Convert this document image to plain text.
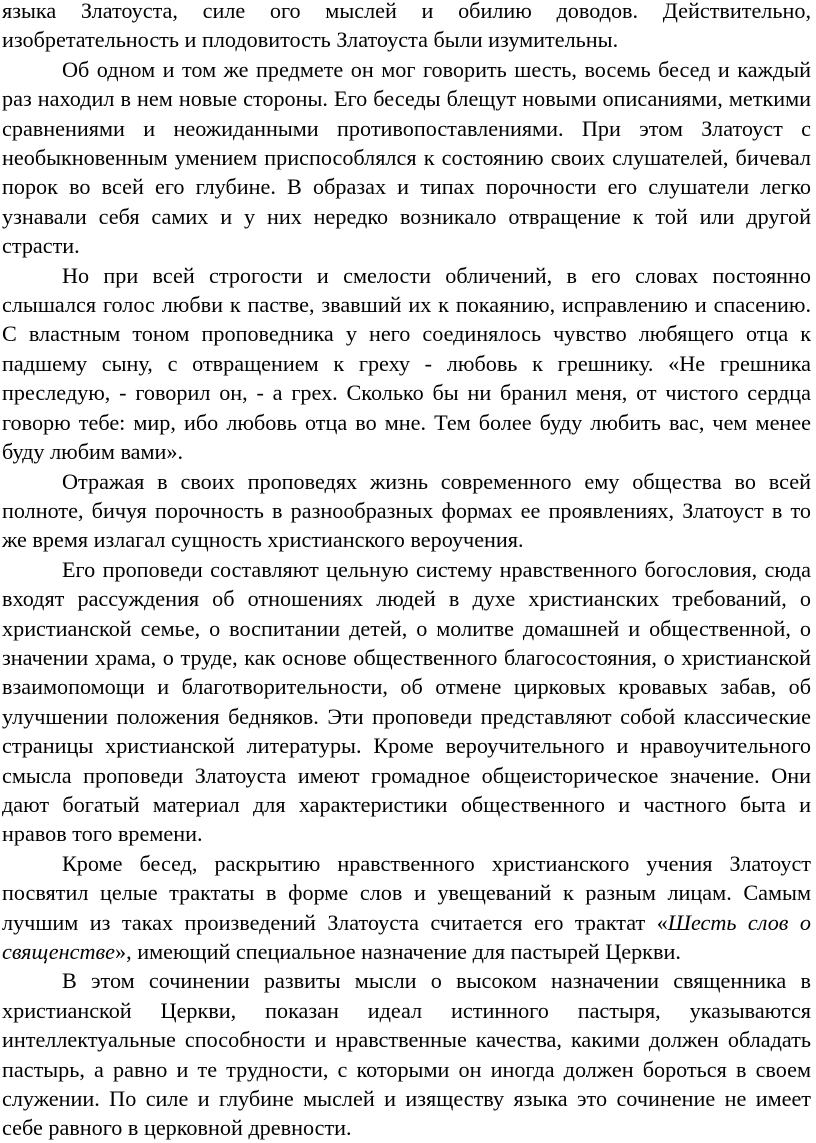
языка Златоуста, силе ого мыслей и обилию доводов. Действительно, изобретательность и плодовитость Златоуста были изумительны.

Об одном и том же предмете он мог говорить шесть, восемь бесед и каждый раз находил в нем новые стороны. Его беседы блещут новыми описаниями, меткими сравнениями и неожиданными противопоставлениями. При этом Златоуст с необыкновенным умением приспособлялся к состоянию своих слушателей, бичевал порок во всей его глубине. В образах и типах порочности его слушатели легко узнавали себя самих и у них нередко возникало отвращение к той или другой страсти.

Но при всей строгости и смелости обличений, в его словах постоянно слышался голос любви к пастве, звавший их к покаянию, исправлению и спасению. С властным тоном проповедника у него соединялось чувство любящего отца к падшему сыну, с отвращением к греху - любовь к грешнику. «Не грешника преследую, - говорил он, - а грех. Сколько бы ни бранил меня, от чистого сердца говорю тебе: мир, ибо любовь отца во мне. Тем более буду любить вас, чем менее буду любим вами».

Отражая в своих проповедях жизнь современного ему общества во всей полноте, бичуя порочность в разнообразных формах ее проявлениях, Златоуст в то же время излагал сущность христианского вероучения.

Его проповеди составляют цельную систему нравственного богословия, сюда входят рассуждения об отношениях людей в духе христианских требований, о христианской семье, о воспитании детей, о молитве домашней и общественной, о значении храма, о труде, как основе общественного благосостояния, о христианской взаимопомощи и благотворительности, об отмене цирковых кровавых забав, об улучшении положения бедняков. Эти проповеди представляют собой классические страницы христианской литературы. Кроме вероучительного и нравоучительного смысла проповеди Златоуста имеют громадное общеисторическое значение. Они дают богатый материал для характеристики общественного и частного быта и нравов того времени.

Кроме бесед, раскрытию нравственного христианского учения Златоуст посвятил целые трактаты в форме слов и увещеваний к разным лицам. Самым лучшим из таках произведений Златоуста считается его трактат «Шесть слов о священстве», имеющий специальное назначение для пастырей Церкви.

В этом сочинении развиты мысли о высоком назначении священника в христианской Церкви, показан идеал истинного пастыря, указываются интеллектуальные способности и нравственные качества, какими должен обладать пастырь, а равно и те трудности, с которыми он иногда должен бороться в своем служении. По силе и глубине мыслей и изяществу языка это сочинение не имеет себе равного в церковной древности.
